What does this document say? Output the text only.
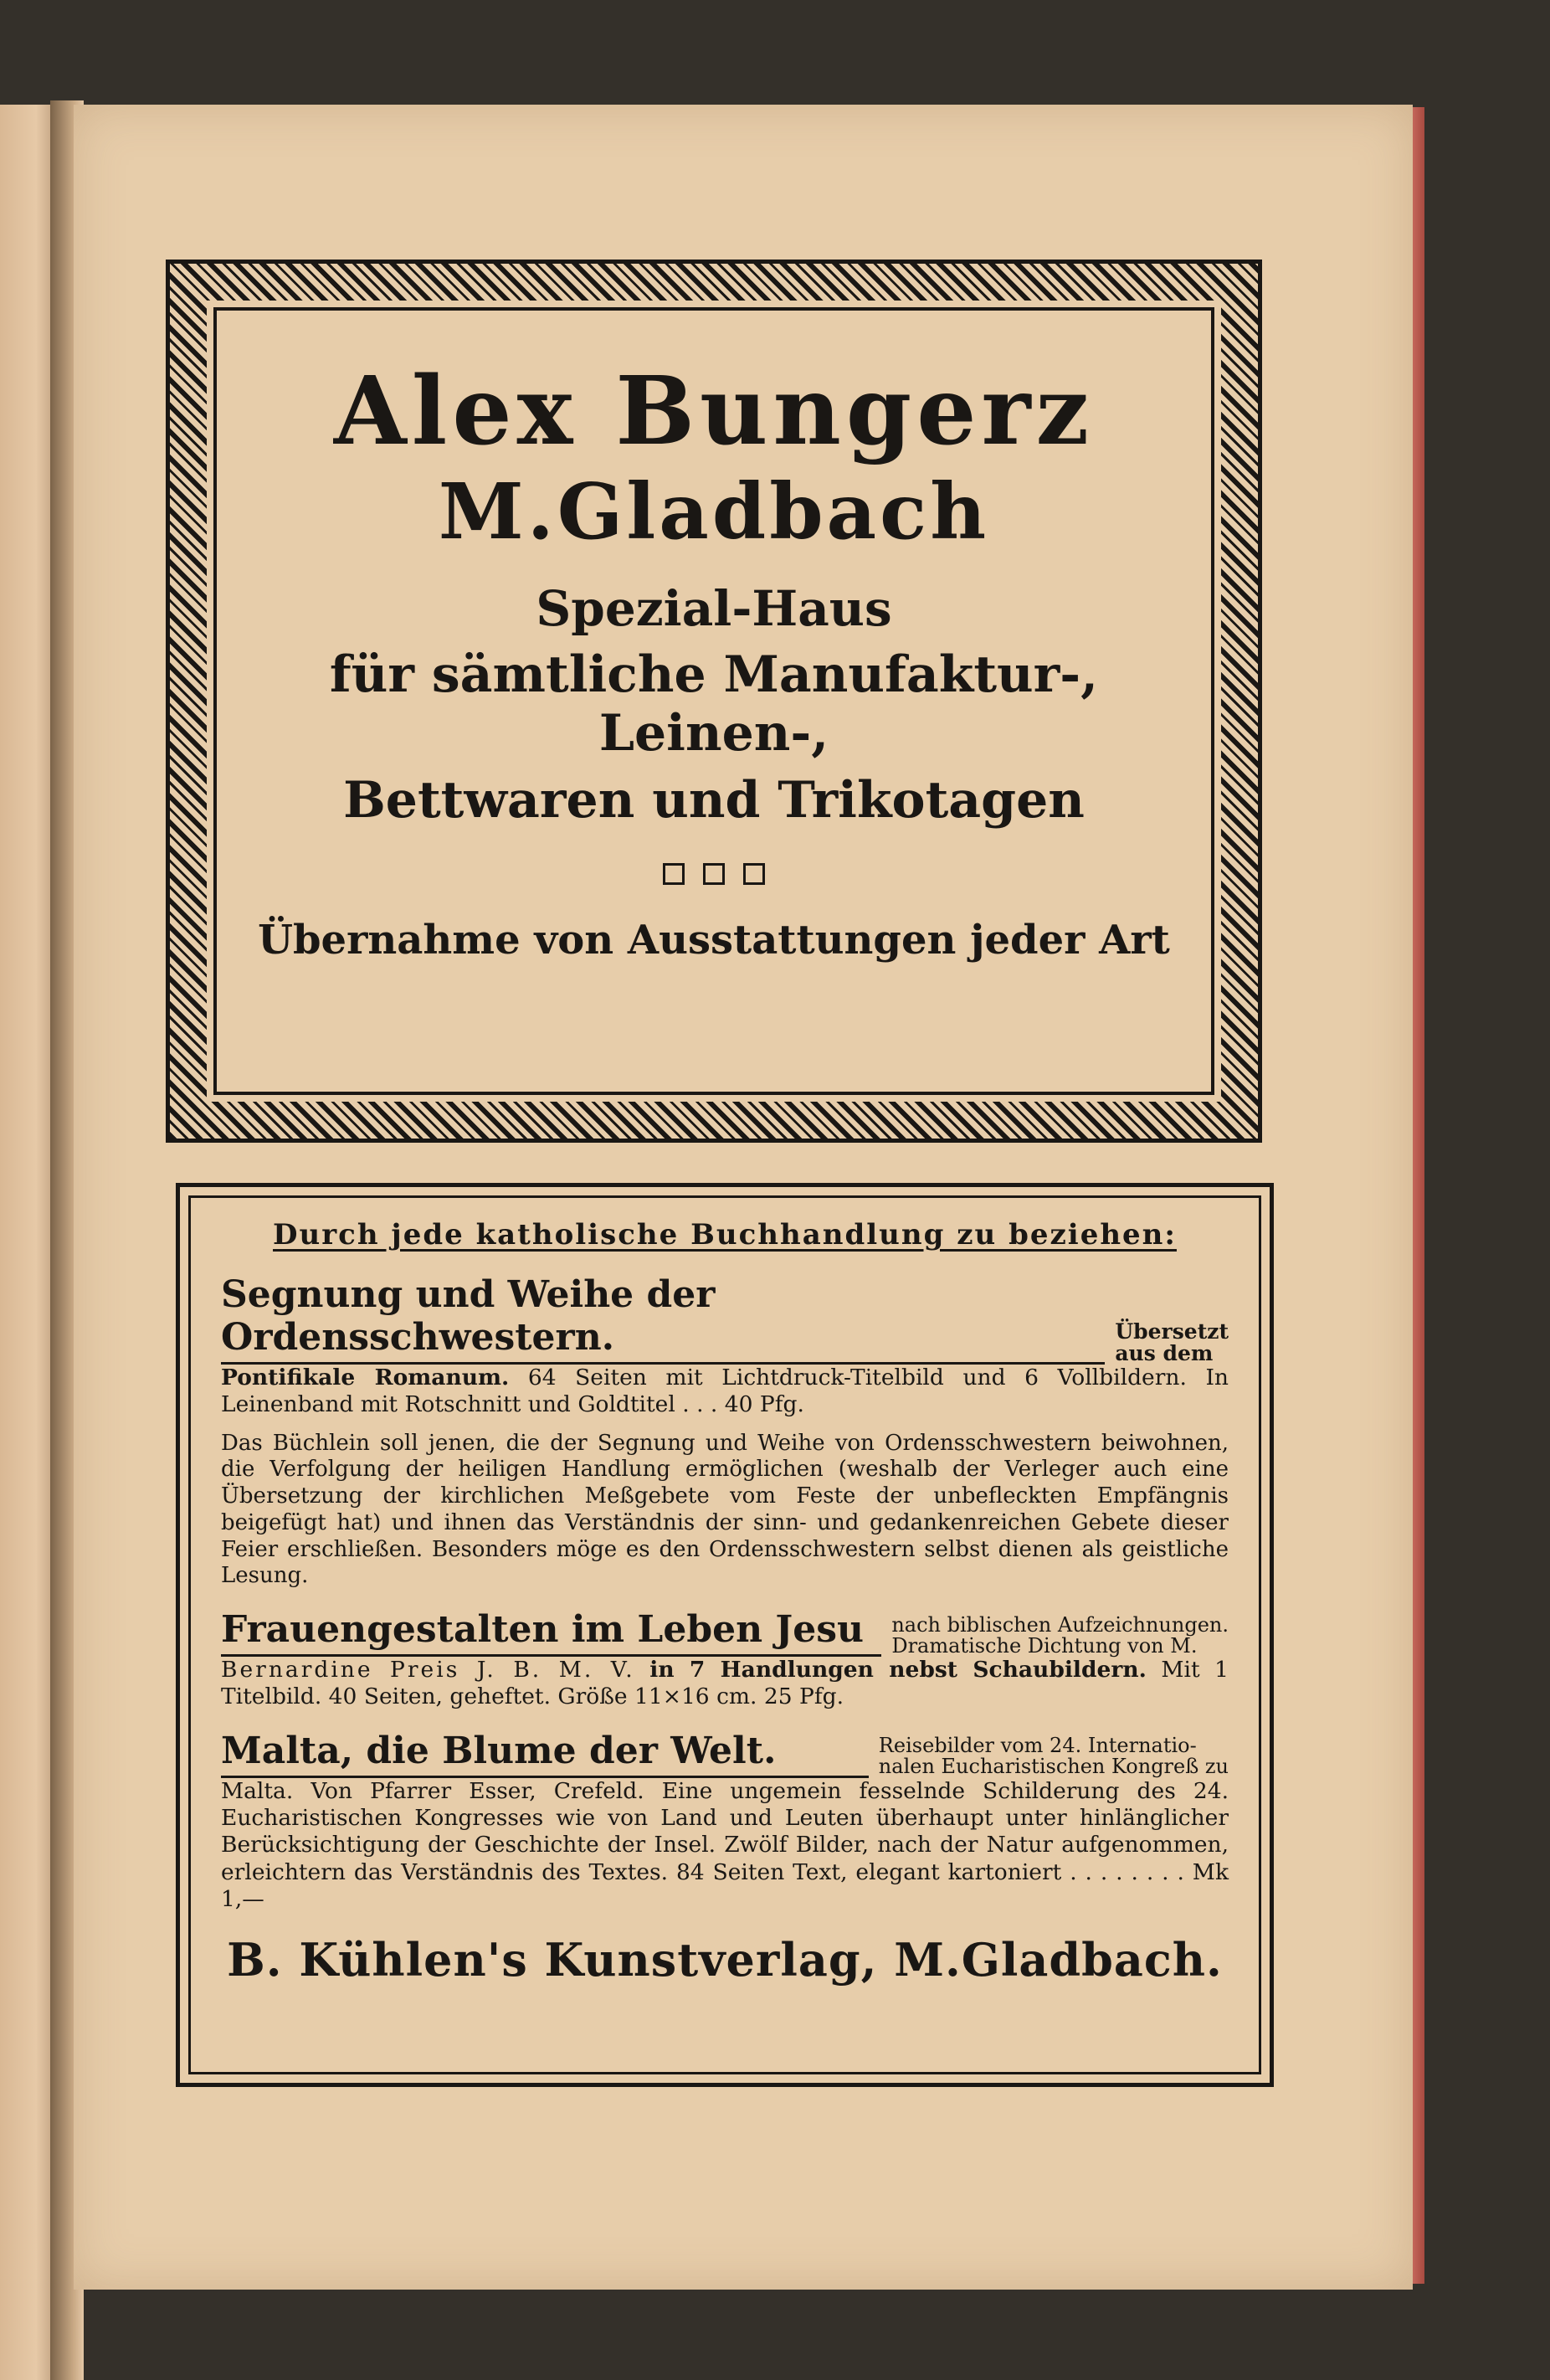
Alex Bungerz
M.Gladbach
Spezial-Haus
für sämtliche Manufaktur-, Leinen-,
Bettwaren und Trikotagen
Übernahme von Ausstattungen jeder Art
Durch jede katholische Buchhandlung zu beziehen:
Segnung und Weihe der Ordensschwestern.	Übersetzt
aus dem
Pontifikale Romanum. 64 Seiten mit Lichtdruck-Titelbild und 6 Vollbildern. In Leinenband mit Rotschnitt und Goldtitel . . . 40 Pfg.
Das Büchlein soll jenen, die der Segnung und Weihe von Ordensschwestern beiwohnen, die Verfolgung der heiligen Handlung ermöglichen (weshalb der Verleger auch eine Übersetzung der kirchlichen Meßgebete vom Feste der unbefleckten Empfängnis beigefügt hat) und ihnen das Verständnis der sinn- und gedankenreichen Gebete dieser Feier erschließen. Besonders möge es den Ordensschwestern selbst dienen als geistliche Lesung.
Frauengestalten im Leben Jesu	nach biblischen Aufzeichnungen.
Dramatische Dichtung von M.
Bernardine Preis J. B. M. V. in 7 Handlungen nebst Schaubildern. Mit 1 Titelbild. 40 Seiten, geheftet. Größe 11×16 cm. 25 Pfg.
Malta, die Blume der Welt.	Reisebilder vom 24. Internatio-
nalen Eucharistischen Kongreß zu
Malta. Von Pfarrer Esser, Crefeld. Eine ungemein fesselnde Schilderung des 24. Eucharistischen Kongresses wie von Land und Leuten überhaupt unter hinlänglicher Berücksichtigung der Geschichte der Insel. Zwölf Bilder, nach der Natur aufgenommen, erleichtern das Verständnis des Textes. 84 Seiten Text, elegant kartoniert . . . . . . . . Mk 1,—
B. Kühlen's Kunstverlag, M.Gladbach.
